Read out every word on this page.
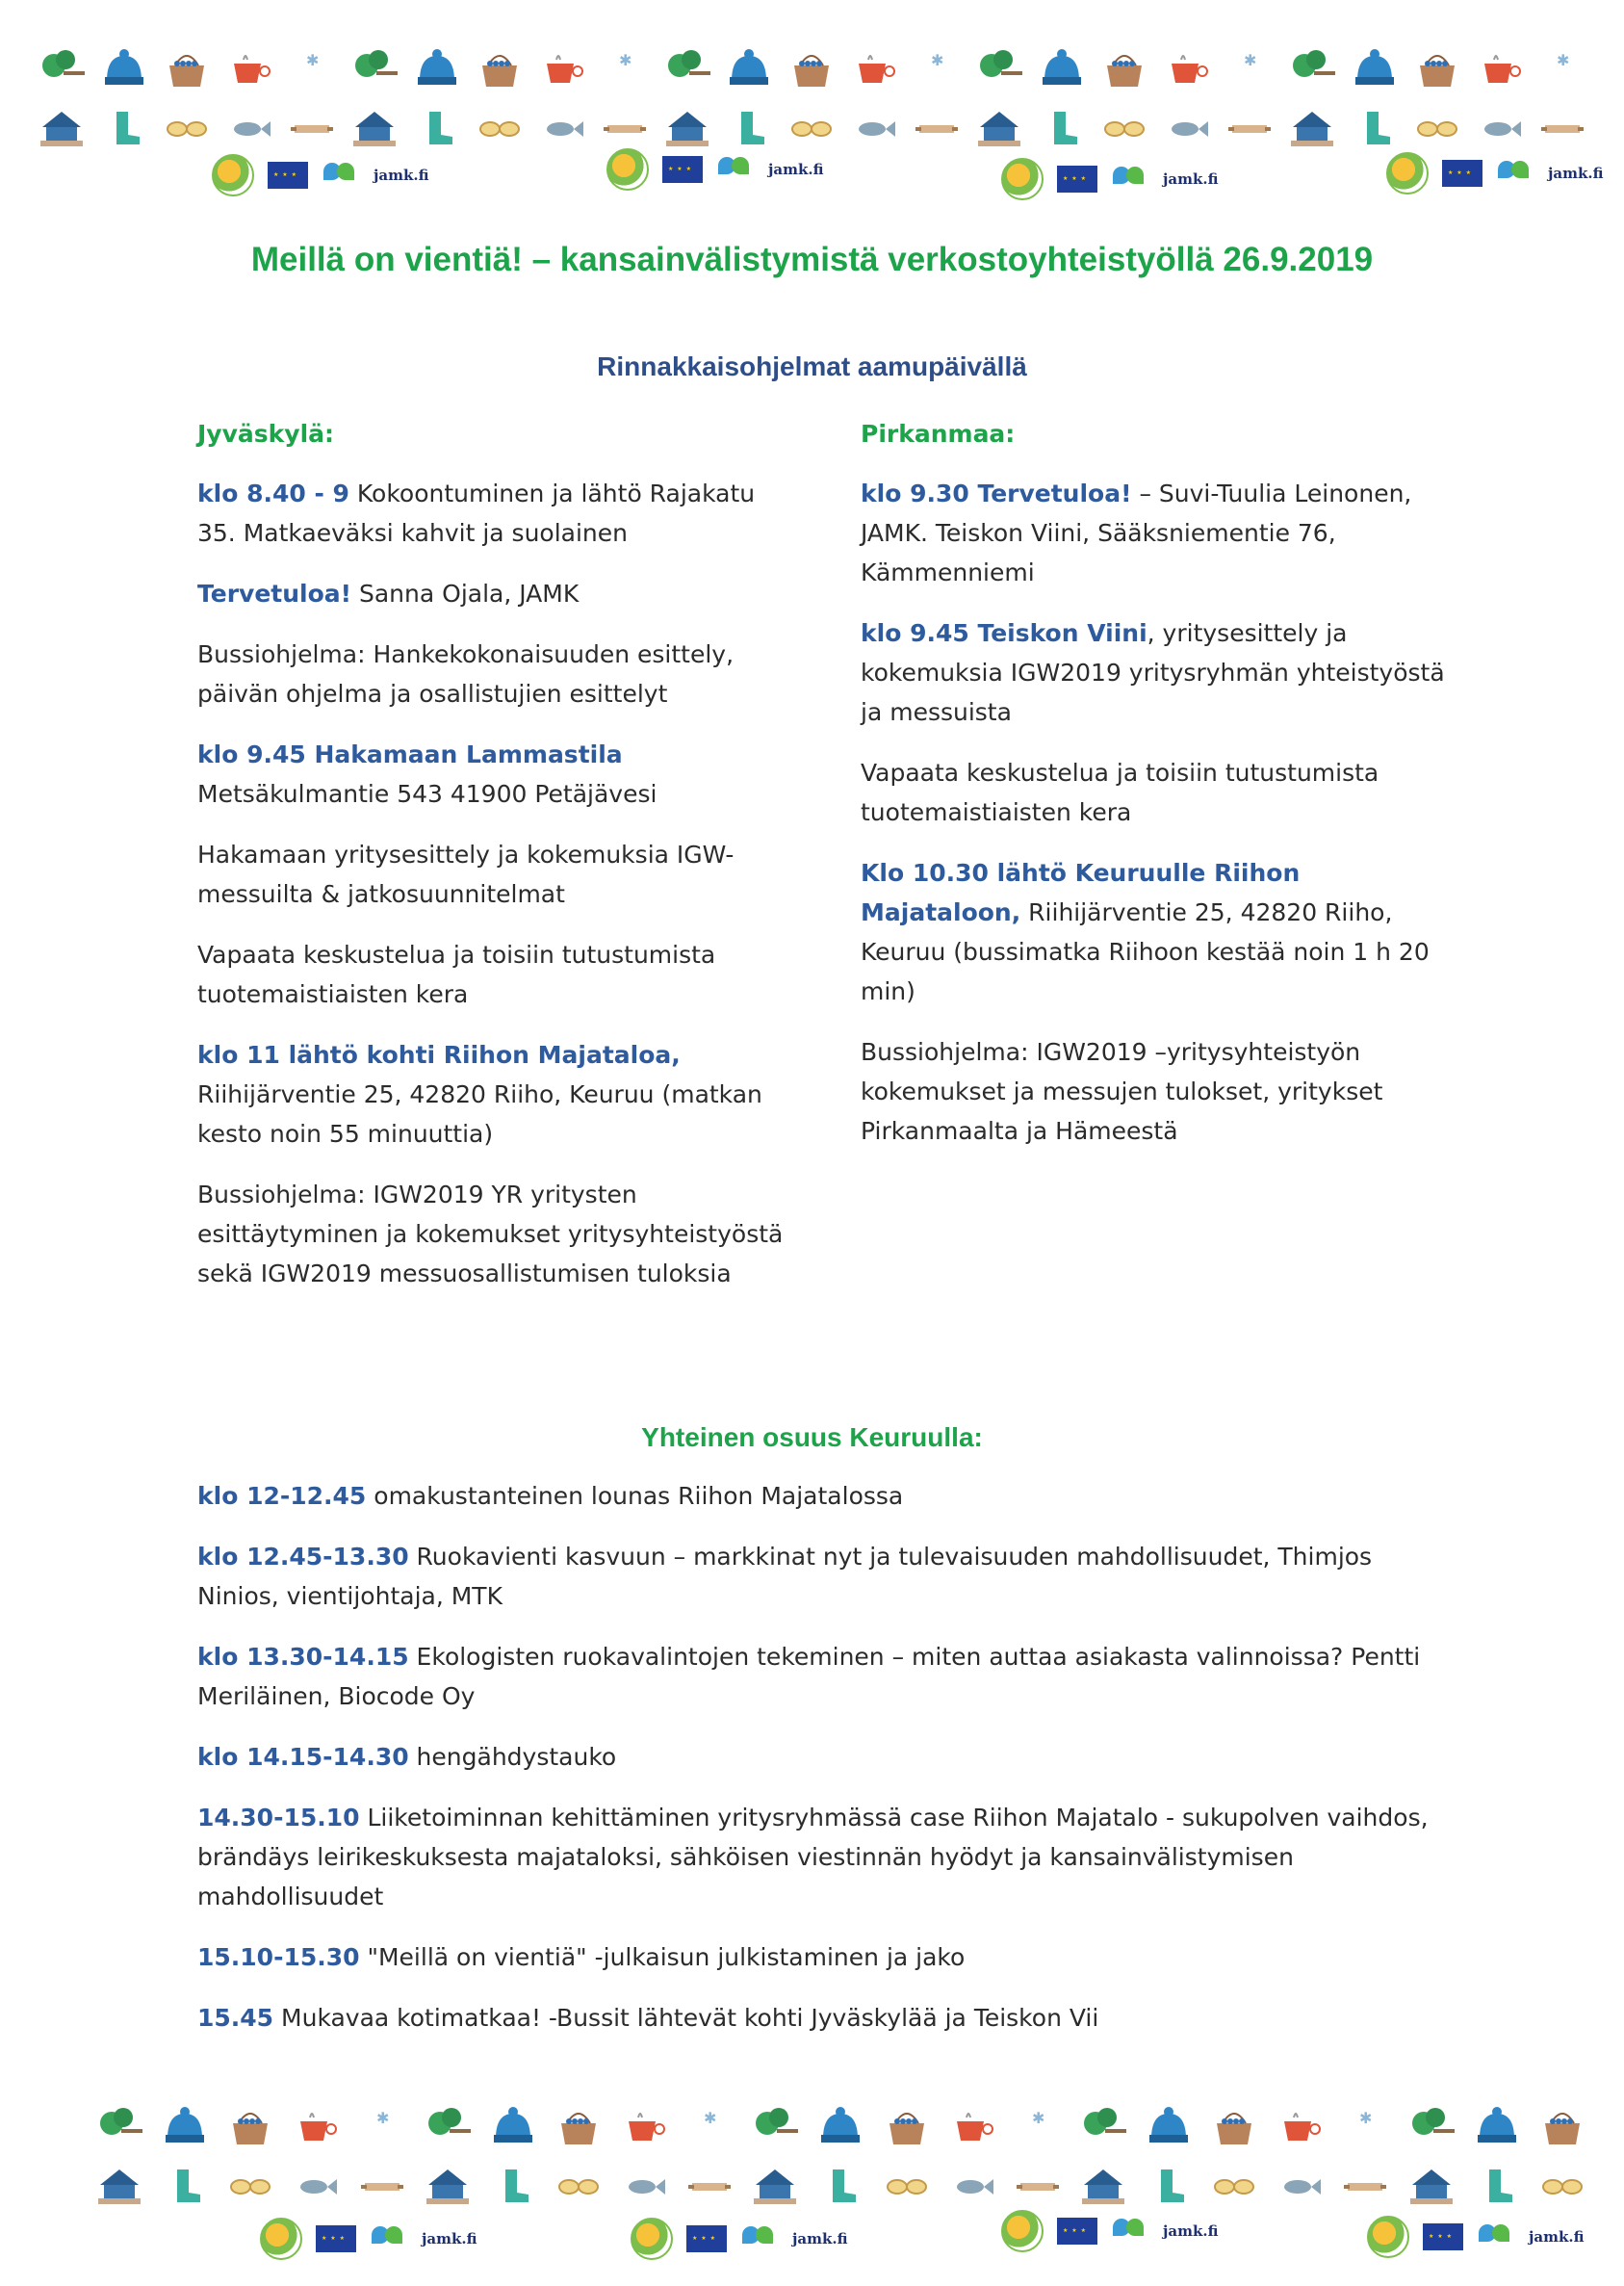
✱	✱	✱	✱	✱
★ ★ ★
jamk.fi ★ ★ ★	jamk.fi
★ ★ ★
jamk.fi ★ ★ ★	jamk.fi
Meillä on vientiä! – kansainvälistymistä verkostoyhteistyöllä 26.9.2019
Rinnakkaisohjelmat aamupäivällä
Jyväskylä:
klo 8.40 - 9 Kokoontuminen ja lähtö Rajakatu 35. Matkaeväksi kahvit ja suolainen
Tervetuloa! Sanna Ojala, JAMK
Bussiohjelma: Hankekokonaisuuden esittely, päivän ohjelma ja osallistujien esittelyt
klo 9.45 Hakamaan Lammastila Metsäkulmantie 543 41900 Petäjävesi
Hakamaan yritysesittely ja kokemuksia IGW-messuilta & jatkosuunnitelmat
Vapaata keskustelua ja toisiin tutustumista tuotemaistiaisten kera
klo 11 lähtö kohti Riihon Majataloa, Riihijärventie 25, 42820 Riiho, Keuruu (matkan kesto noin 55 minuuttia)
Bussiohjelma: IGW2019 YR yritysten esittäytyminen ja kokemukset yritysyhteistyöstä sekä IGW2019 messuosallistumisen tuloksia
Pirkanmaa:
klo 9.30 Tervetuloa! – Suvi-Tuulia Leinonen, JAMK. Teiskon Viini, Sääksniementie 76, Kämmenniemi
klo 9.45 Teiskon Viini, yritysesittely ja kokemuksia IGW2019 yritysryhmän yhteistyöstä ja messuista
Vapaata keskustelua ja toisiin tutustumista tuotemaistiaisten kera
Klo 10.30 lähtö Keuruulle Riihon Majataloon, Riihijärventie 25, 42820 Riiho, Keuruu (bussimatka Riihoon kestää noin 1 h 20 min)
Bussiohjelma: IGW2019 –yritysyhteistyön kokemukset ja messujen tulokset, yritykset Pirkanmaalta ja Hämeestä
Yhteinen osuus Keuruulla:
klo 12-12.45 omakustanteinen lounas Riihon Majatalossa
klo 12.45-13.30 Ruokavienti kasvuun – markkinat nyt ja tulevaisuuden mahdollisuudet, Thimjos Ninios, vientijohtaja, MTK
klo 13.30-14.15 Ekologisten ruokavalintojen tekeminen – miten auttaa asiakasta valinnoissa? Pentti Meriläinen, Biocode Oy
klo 14.15-14.30 hengähdystauko
14.30-15.10 Liiketoiminnan kehittäminen yritysryhmässä case Riihon Majatalo - sukupolven vaihdos, brändäys leirikeskuksesta majataloksi, sähköisen viestinnän hyödyt ja kansainvälistymisen mahdollisuudet
15.10-15.30 "Meillä on vientiä" -julkaisun julkistaminen ja jako
15.45 Mukavaa kotimatkaa! -Bussit lähtevät kohti Jyväskylää ja Teiskon Vii
✱	✱	✱	✱
★ ★ ★
jamk.fi ★ ★ ★	jamk.fi ★ ★ ★	jamk.fi ★ ★ ★	jamk.fi
